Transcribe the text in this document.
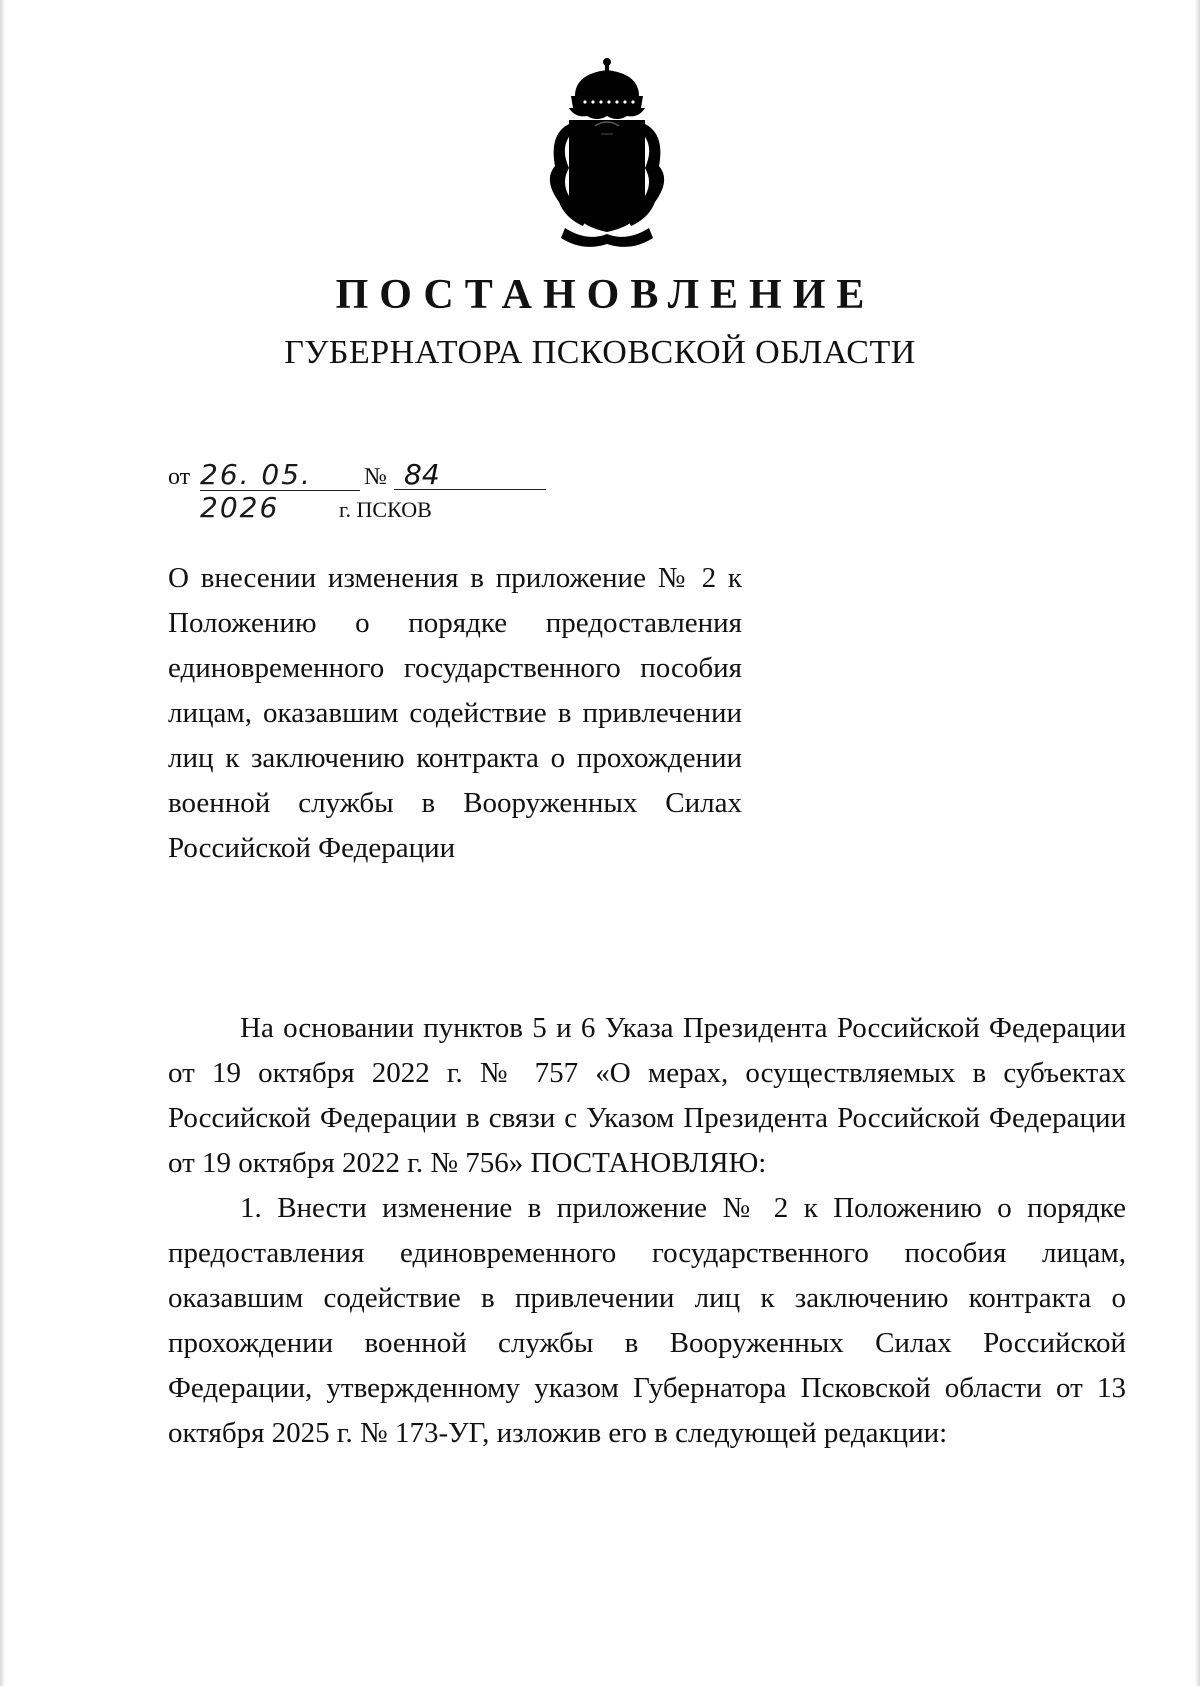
ПОСТАНОВЛЕНИЕ
ГУБЕРНАТОРА ПСКОВСКОЙ ОБЛАСТИ
от 26. 05. 2026
№ 84
г. ПСКОВ
О внесении изменения в приложение № 2 к Положению о порядке предоставления единовременного государственного пособия лицам, оказавшим содействие в привлечении лиц к заключению контракта о прохождении военной службы в Вооруженных Силах Российской Федерации

На основании пунктов 5 и 6 Указа Президента Российской Федерации от 19 октября 2022 г. № 757 «О мерах, осуществляемых в субъектах Российской Федерации в связи с Указом Президента Российской Федерации от 19 октября 2022 г. № 756» ПОСТАНОВЛЯЮ:

1. Внести изменение в приложение № 2 к Положению о порядке предоставления единовременного государственного пособия лицам, оказавшим содействие в привлечении лиц к заключению контракта о прохождении военной службы в Вооруженных Силах Российской Федерации, утвержденному указом Губернатора Псковской области от 13 октября 2025 г. № 173-УГ, изложив его в следующей редакции:
